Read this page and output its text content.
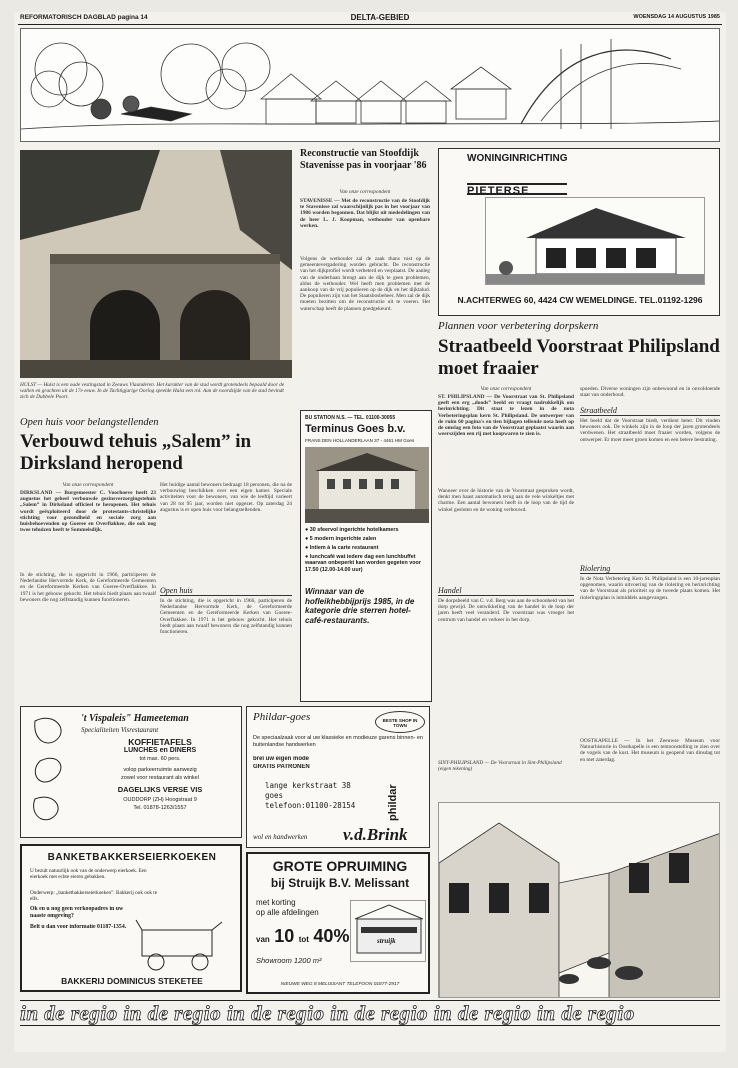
REFORMATORISCH DAGBLAD pagina 14	DELTA-GEBIED	WOENSDAG 14 AUGUSTUS 1985
Reconstructie van Stoofdijk Stavenisse pas in voorjaar '86
Van onze correspondent
STAVENISSE — Met de reconstructie van de Stoofdijk te Stavenisse zal waarschijnlijk pas in het voorjaar van 1986 worden begonnen. Dat blijkt uit mededelingen van de heer L. J. Koopman, wethouder van openbare werken.
Volgens de wethouder zal de zaak thans vast op de gemeentevergadering worden gebracht. De reconstructie van het dijkprofiel wordt verbeterd en verplaatst. De aanleg van de onderbaan brengt aan de dijk te geen problemen, aldus de wethouder. Wel heeft men problemen met de aankoop van de vrij populieren op de dijk en het dijktalud. De populieren zijn van het Staatsbosbeheer. Men zal de dijk moeten bezitten om de reconstructie uit te voeren. Het waterschap heeft de plannen goedgekeurd.
HULST — Hulst is een oude vestingstad in Zeeuws Vlaanderen. Het karakter van de stad wordt grotendeels bepaald door de wallen en grachten uit de 17e eeuw. In de Tachtigjarige Oorlog speelde Hulst een rol. Aan de noordzijde van de stad bevindt zich de Dubbele Poort.
Open huis voor belangstellenden
Verbouwd tehuis „Salem” in Dirksland heropend
Van onze correspondent
DIRKSLAND — Burgemeester C. Voorhoeve heeft 23 augustus het geheel verbouwde gezinsverzorgingstehuis „Salem” in Dirksland officieel te heropenen. Het tehuis wordt geëxploiteerd door de protestants-christelijke stichting voor gezondheid en sociale zorg aan huisbehoevenden op Goeree en Overflakkee, die ook nog twee tehuizen heeft te Sommelsdijk.
In de stichting, die is opgericht in 1966, participeren de Nederlandse Hervormde Kerk, de Gereformeerde Gemeenten en de Gereformeerde Kerken van Goeree-Overflakkee. In 1971 is het gebouw gekocht. Het tehuis biedt plaats aan twaalf bewoners die nog zelfstandig kunnen functioneren.
Het huidige aantal bewoners bedraagt 18 personen, die na de verbouwing beschikken over een eigen kamer. Speciale activiteiten voor de bewoners, van wie de leeftijd varieert van 28 tot 95 jaar, worden niet opgezet. Op zaterdag 24 augustus is er open huis voor belangstellenden.
Open huis
In de stichting, die is opgericht in 1966, participeren de Nederlandse Hervormde Kerk, de Gereformeerde Gemeenten en de Gereformeerde Kerken van Goeree-Overflakkee. In 1971 is het gebouw gekocht. Het tehuis biedt plaats aan twaalf bewoners die nog zelfstandig kunnen functioneren.
BU STATION N.S. — TEL. 01100-30055
Terminus Goes b.v.
FRANS DEN HOLLANDERLAAN 37 - 4461 HM Goes
● 30 sfeervol ingerichte hotelkamers
● 5 modern ingerichte zalen
● Intiem à la carte restaurant
● lunchcafé wat iedere dag een lunchbuffet waarvan onbeperkt kan worden gegeten voor 17.50 (12.00-14.00 uur)
Winnaar van de hofleikhebbijprijs 1985, in de kategorie drie sterren hotel-café-restaurants.
WONINGINRICHTING
PIETERSE
N.ACHTERWEG 60, 4424 CW WEMELDINGE. TEL.01192-1296
Plannen voor verbetering dorpskern
Straatbeeld Voorstraat Philipsland moet fraaier
Van onze correspondent
ST. PHILIPSLAND — De Voorstraat van St. Philipsland geeft een erg „doods” beeld en vraagt nadrukkelijk om herinrichting. Dit staat te lezen in de nota Verbeteringsplan kern St. Philipsland. De ontwerper van de ruim 60 pagina's en tien bijlagen tellende nota heeft op de omslag een foto van de Voorstraat geplaatst waarin aan weerszijden een rij met koopwaren te zien is.
Wanneer over de historie van de Voorstraat gesproken wordt, denkt men haast automatisch terug aan de vele winkeltjes met charme. Een aantal bewoners heeft in de loop van de tijd de winkel gesloten en de woning verbouwd.
Handel
De dorpsbeeld van C. v.d. Berg was aan de schoonheid van het dorp gewijd. De ontwikkeling van de handel in de loop der jaren heeft veel veranderd. De voorstraat was vroeger het centrum van handel en verkeer in het dorp.
spoeden. Diverse woningen zijn onbewoond en in onvoldoende staat van onderhoud.
Straatbeeld
Het beeld dat de Voorstraat biedt, verdient beter. Dit vinden bewoners ook. De winkels zijn in de loop der jaren grotendeels verdwenen. Het straatbeeld moet fraaier worden, volgens de ontwerper. Er moet meer groen komen en een betere bestrating.
Riolering
In de Nota Verbetering Kern St. Philipsland is een 10-jarenplan opgenomen, waarin uitvoering van de riolering en herinrichting van de Voorstraat als prioriteit op de tweede plaats komen. Het rioleringsplan is inmiddels aangevangen.
OOSTKAPELLE — In het Zeeuwse Museum voor Natuurhistorie in Oostkapelle is een tentoonstelling te zien over de vogels van de kust. Het museum is geopend van dinsdag tot en met zaterdag.
SINT-PHILIPSLAND — De Voorstraat in Sint-Philipsland (eigen tekening)
't Vispaleis" Hameeteman
Specialiteiten Visrestaurant
KOFFIETAFELS
LUNCHES en DINERS
tot max. 60 pers.
volop parkeerruimte aanwezig
zowel voor restaurant als winkel
DAGELIJKS VERSE VIS
OUDDORP (ZH) Hoogstraat 9
Tel. 01878-1263/1557
Phildar-goes	BESTE SHOP IN TOWN
De speciaalzaak voor al uw klassieke en modieuze garens binnen- en buitenlandse handwerken
breï uw eigen mode
GRATIS PATRONEN
lange kerkstraat 38
goes
telefoon:01100-28154	phildar
wol en handwerken	v.d.Brink
BANKETBAKKERSEIERKOEKEN
U bezult natuurlijk ook van de onderwerp eierkoek. Een eierkoek met echte eieren gebakken.
Onderwerp: „banketbakkerseierkoeken”. Bakkerij ook ook te elfs.
Ok en u nog geen verkoopadres in uw naaste omgeving?
Belt u dan voor informatie 01187-1354.
BAKKERIJ DOMINICUS STEKETEE
GROTE OPRUIMING
bij Struijk B.V. Melissant
met korting
op alle afdelingen
van 10 tot 40%
Showroom 1200 m²
struijk
NIEUWE WEG 8 MELISSANT TELEFOON 01877-2917
in de regio in de regio in de regio in de regio in de regio in de regio
